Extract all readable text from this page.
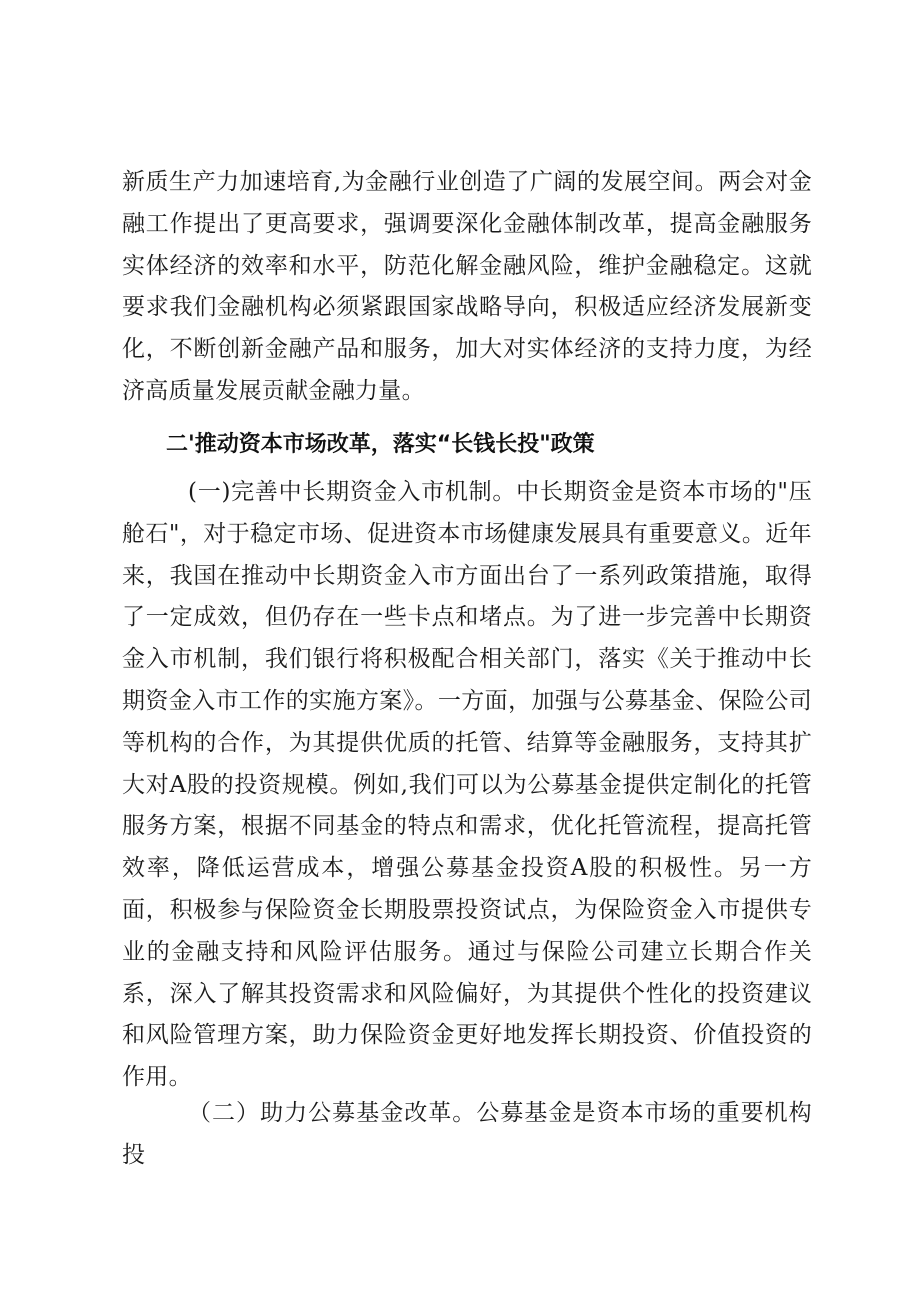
新质生产力加速培育,为金融行业创造了广阔的发展空间。两会对金融工作提出了更高要求，强调要深化金融体制改革，提高金融服务实体经济的效率和水平，防范化解金融风险，维护金融稳定。这就要求我们金融机构必须紧跟国家战略导向，积极适应经济发展新变化，不断创新金融产品和服务，加大对实体经济的支持力度，为经济高质量发展贡献金融力量。

二'推动资本市场改革，落实“长钱长投"政策

(一)完善中长期资金入市机制。中长期资金是资本市场的"压舱石"，对于稳定市场、促进资本市场健康发展具有重要意义。近年来，我国在推动中长期资金入市方面出台了一系列政策措施，取得了一定成效，但仍存在一些卡点和堵点。为了进一步完善中长期资金入市机制，我们银行将积极配合相关部门，落实《关于推动中长期资金入市工作的实施方案》。一方面，加强与公募基金、保险公司等机构的合作，为其提供优质的托管、结算等金融服务，支持其扩大对A股的投资规模。例如,我们可以为公募基金提供定制化的托管服务方案，根据不同基金的特点和需求，优化托管流程，提高托管效率，降低运营成本，增强公募基金投资A股的积极性。另一方面，积极参与保险资金长期股票投资试点，为保险资金入市提供专业的金融支持和风险评估服务。通过与保险公司建立长期合作关系，深入了解其投资需求和风险偏好，为其提供个性化的投资建议和风险管理方案，助力保险资金更好地发挥长期投资、价值投资的作用。

（二）助力公募基金改革。公募基金是资本市场的重要机构投
